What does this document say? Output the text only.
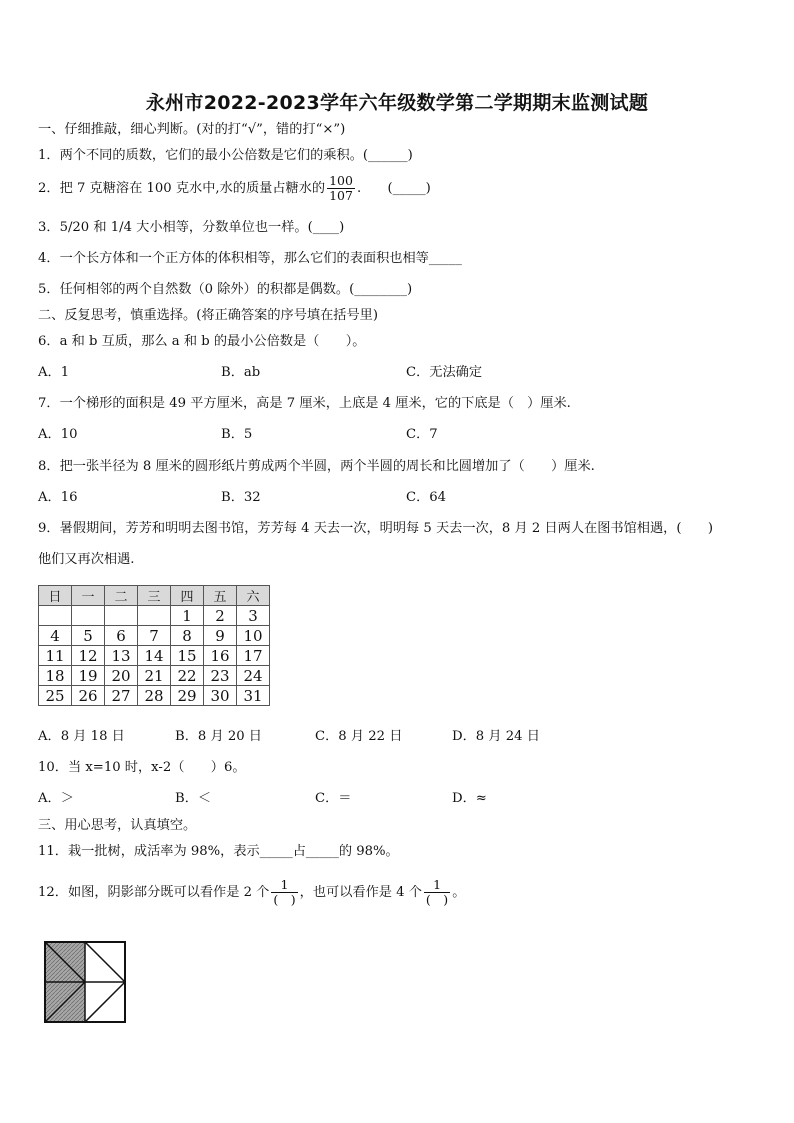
永州市2022-2023学年六年级数学第二学期期末监测试题
一、仔细推敲，细心判断。(对的打“√”，错的打“×”)
1．两个不同的质数，它们的最小公倍数是它们的乘积。(______)
2．把 7 克糖溶在 100 克水中,水的质量占糖水的 $\frac{100}{107}$ .　　(_____)
3．5/20 和 1/4 大小相等，分数单位也一样。(____)
4．一个长方体和一个正方体的体积相等，那么它们的表面积也相等_____
5．任何相邻的两个自然数（0 除外）的积都是偶数。(________)
二、反复思考，慎重选择。(将正确答案的序号填在括号里)
6．a 和 b 互质，那么 a 和 b 的最小公倍数是（　　）。
A．1	B．ab	C．无法确定
7．一个梯形的面积是 49 平方厘米，高是 7 厘米，上底是 4 厘米，它的下底是（　）厘米.
A．10	B．5	C．7
8．把一张半径为 8 厘米的圆形纸片剪成两个半圆，两个半圆的周长和比圆增加了（　　）厘米.
A．16	B．32	C．64
9．暑假期间，芳芳和明明去图书馆，芳芳每 4 天去一次，明明每 5 天去一次，8 月 2 日两人在图书馆相遇，(　　)
他们又再次相遇.
日	一	二	三	四	五	六
				1	2	3
4	5	6	7	8	9	10
11	12	13	14	15	16	17
18	19	20	21	22	23	24
25	26	27	28	29	30	31
A．8 月 18 日	B．8 月 20 日	C．8 月 22 日	D．8 月 24 日
10．当 x=10 时，x-2（　　）6。
A．＞	B．＜	C．＝	D．≈
三、用心思考，认真填空。
11．栽一批树，成活率为 98%，表示_____占_____的 98%。
12．如图，阴影部分既可以看作是 2 个 $\frac{1}{( )}$ ，也可以看作是 4 个 $\frac{1}{( )}$ 。
